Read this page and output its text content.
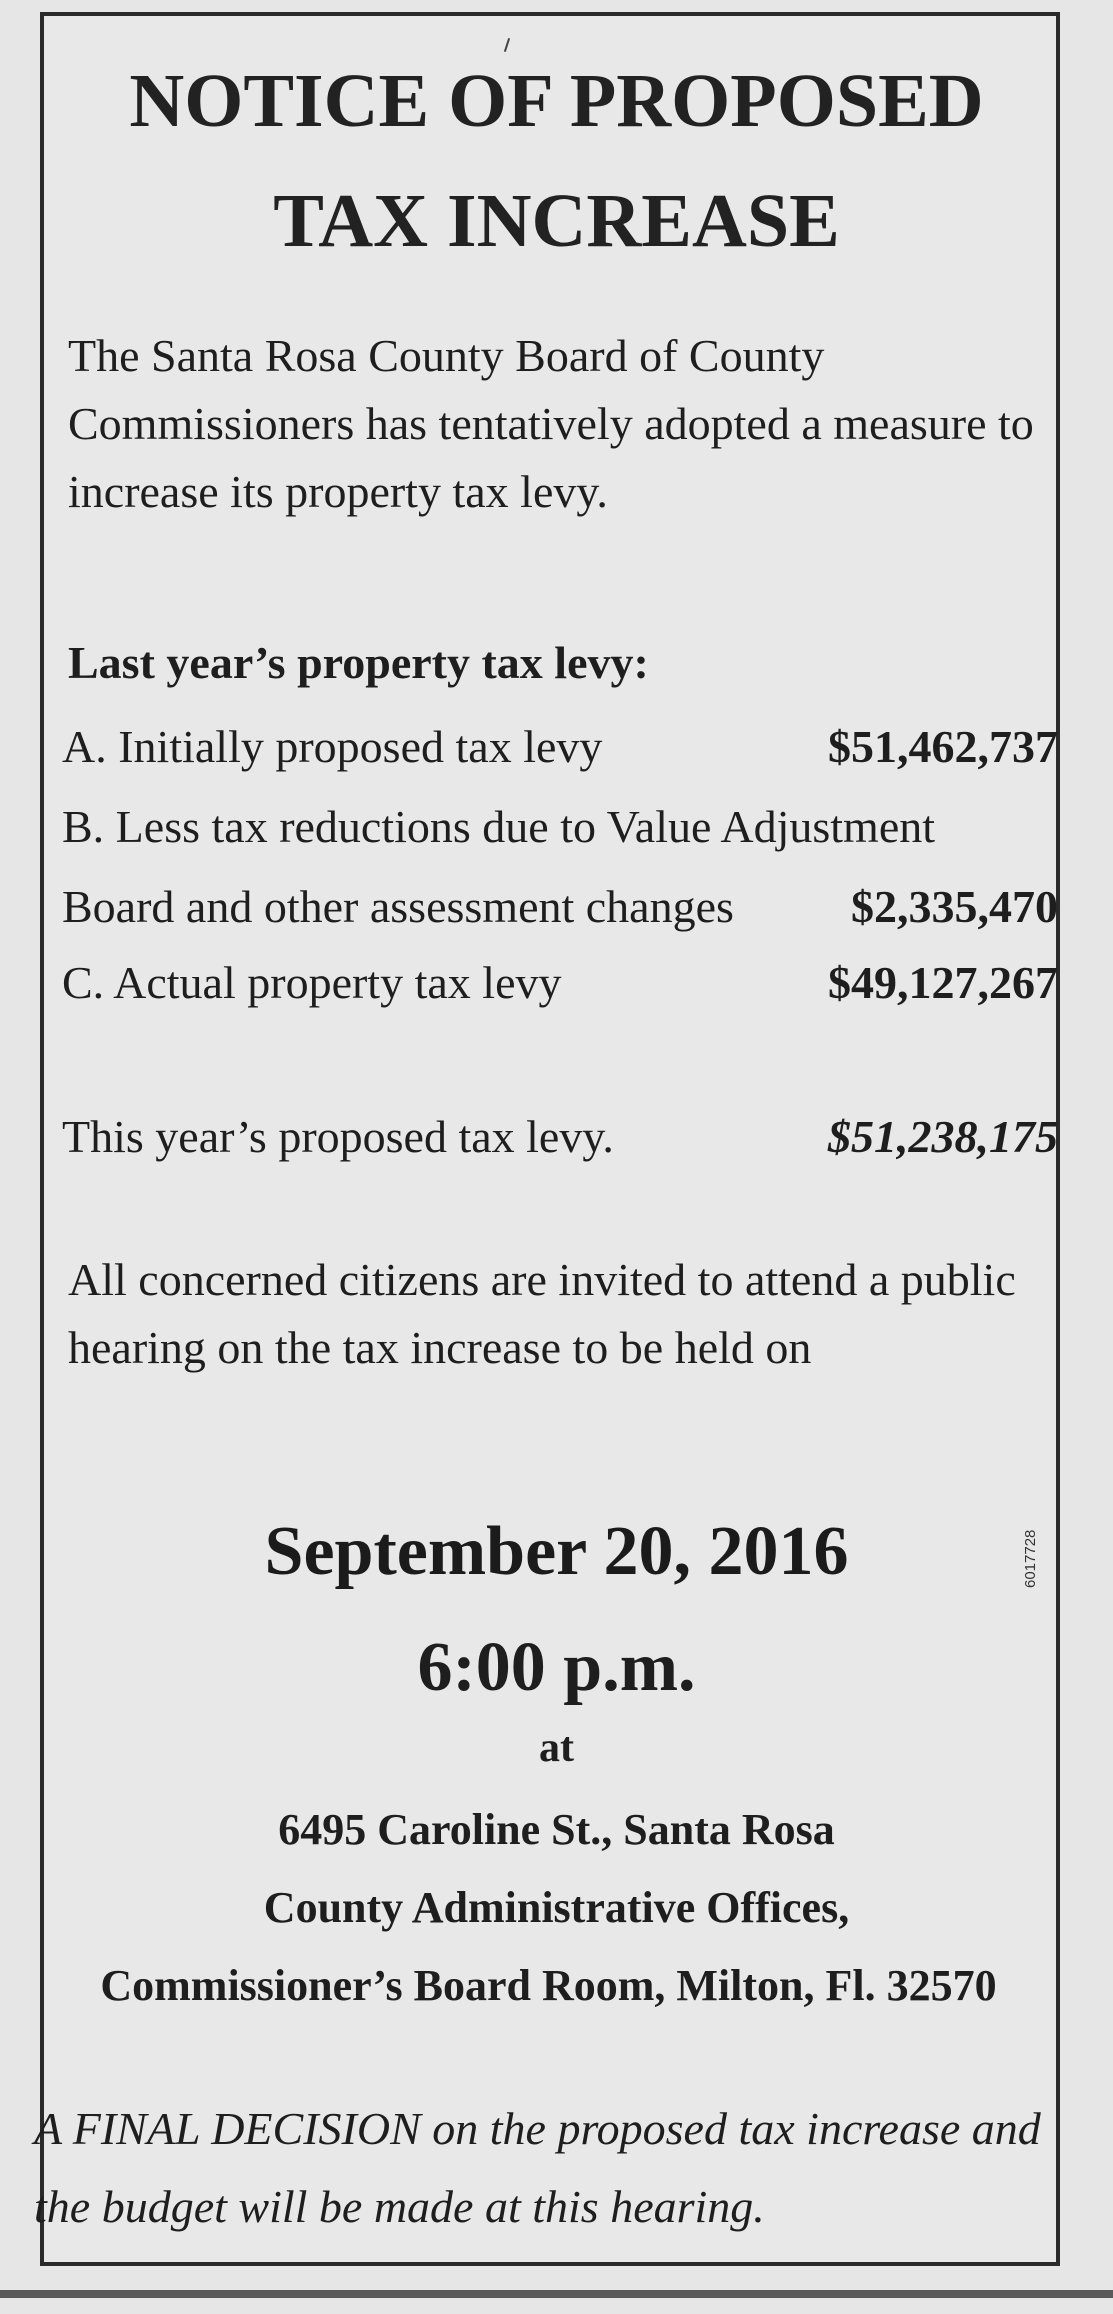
NOTICE OF PROPOSED
TAX INCREASE
The Santa Rosa County Board of County Commissioners has tentatively adopted a measure to increase its property tax levy.
Last year’s property tax levy:
A. Initially proposed tax levy	$51,462,737
B. Less tax reductions due to Value Adjustment
Board and other assessment changes	$2,335,470
C. Actual property tax levy	$49,127,267
This year’s proposed tax levy.	$51,238,175
All concerned citizens are invited to attend a public hearing on the tax increase to be held on
September 20, 2016
6:00 p.m.
at
6495 Caroline St., Santa Rosa
County Administrative Offices,
Commissioner’s Board Room, Milton, Fl. 32570
A FINAL DECISION on the proposed tax increase and the budget will be made at this hearing.
6017728
